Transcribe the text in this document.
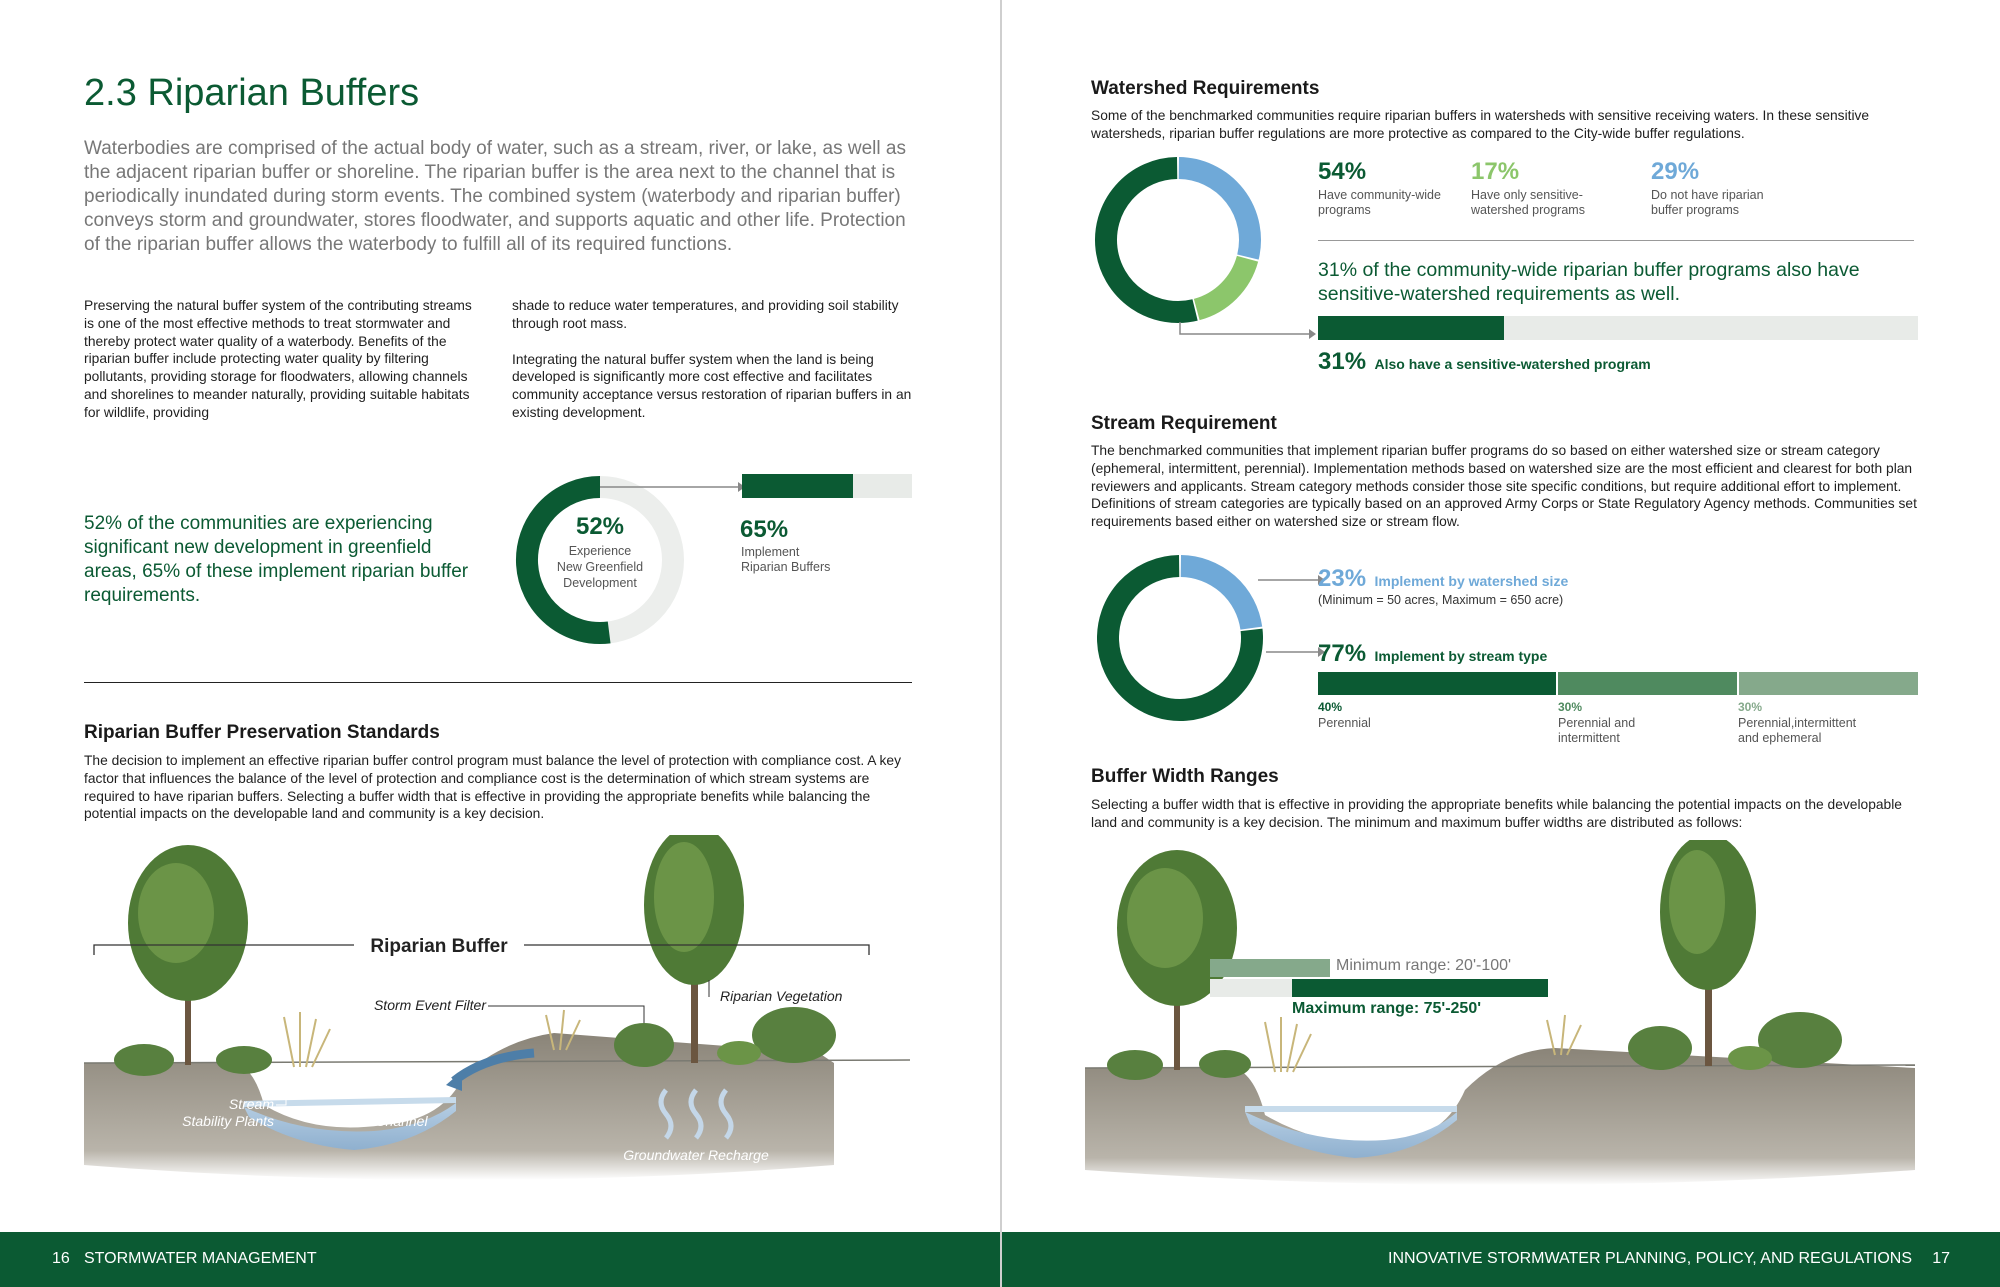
2.3 Riparian Buffers
Waterbodies are comprised of the actual body of water, such as a stream, river, or lake, as well as the adjacent riparian buffer or shoreline. The riparian buffer is the area next to the channel that is periodically inundated during storm events. The combined system (waterbody and riparian buffer) conveys storm and groundwater, stores floodwater, and supports aquatic and other life. Protection of the riparian buffer allows the waterbody to fulfill all of its required functions.
Preserving the natural buffer system of the contributing streams is one of the most effective methods to treat stormwater and thereby protect water quality of a waterbody. Benefits of the riparian buffer include protecting water quality by filtering pollutants, providing storage for floodwaters, allowing channels and shorelines to meander naturally, providing suitable habitats for wildlife, providing
shade to reduce water temperatures, and providing soil stability through root mass.
Integrating the natural buffer system when the land is being developed is significantly more cost effective and facilitates community acceptance versus restoration of riparian buffers in an existing development.
52% of the communities are experiencing significant new development in greenfield areas, 65% of these implement riparian buffer requirements.
52%
Experience
New Greenfield
Development
65%
Implement
Riparian Buffers
Riparian Buffer Preservation Standards
The decision to implement an effective riparian buffer control program must balance the level of protection with compliance cost. A key factor that influences the balance of the level of protection and compliance cost is the determination of which stream systems are required to have riparian buffers. Selecting a buffer width that is effective in providing the appropriate benefits while balancing the potential impacts on the developable land and community is a key decision.
Riparian Buffer
Storm Event Filter
Riparian Vegetation
Stream
Stability Plants	Stream Channel
Groundwater Recharge
16 STORMWATER MANAGEMENT
Watershed Requirements
Some of the benchmarked communities require riparian buffers in watersheds with sensitive receiving waters. In these sensitive watersheds, riparian buffer regulations are more protective as compared to the City-wide buffer regulations.
54%
Have community-wide
programs
17%
Have only sensitive-
watershed programs
29%
Do not have riparian
buffer programs
31% of the community-wide riparian buffer programs also have sensitive-watershed requirements as well.
31% Also have a sensitive-watershed program
Stream Requirement
The benchmarked communities that implement riparian buffer programs do so based on either watershed size or stream category (ephemeral, intermittent, perennial). Implementation methods based on watershed size are the most efficient and clearest for both plan reviewers and applicants. Stream category methods consider those site specific conditions, but require additional effort to implement. Definitions of stream categories are typically based on an approved Army Corps or State Regulatory Agency methods. Communities set requirements based either on watershed size or stream flow.
23% Implement by watershed size
(Minimum = 50 acres, Maximum = 650 acre)
77% Implement by stream type
40%
Perennial
30%
Perennial and
intermittent
30%
Perennial,intermittent
and ephemeral
Buffer Width Ranges
Selecting a buffer width that is effective in providing the appropriate benefits while balancing the potential impacts on the developable land and community is a key decision. The minimum and maximum buffer widths are distributed as follows:
Minimum range: 20'-100'
Maximum range: 75'-250'
INNOVATIVE STORMWATER PLANNING, POLICY, AND REGULATIONS 17
